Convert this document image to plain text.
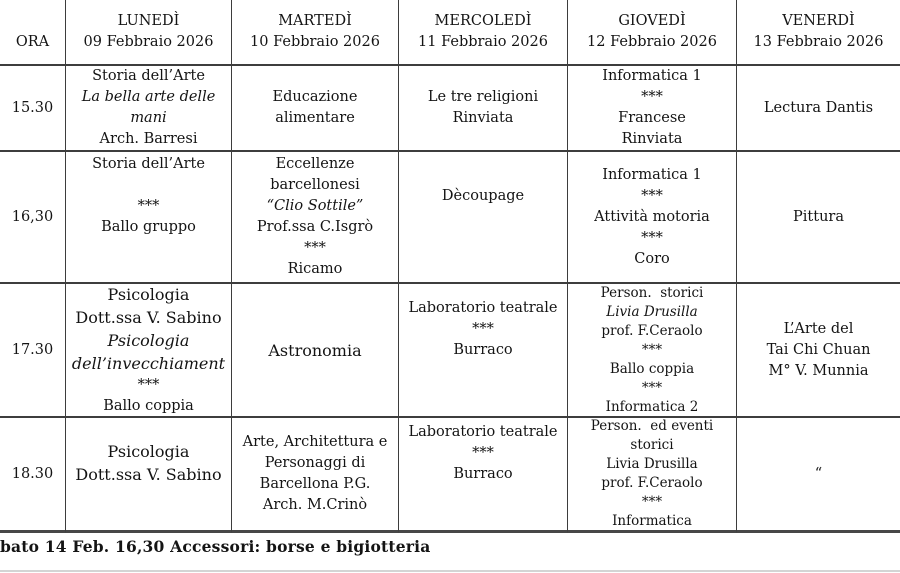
ORA
LUNEDÌ
09 Febbraio 2026
MARTEDÌ
10 Febbraio 2026
MERCOLEDÌ
11 Febbraio 2026
GIOVEDÌ
12 Febbraio 2026
VENERDÌ
13 Febbraio 2026
15.30
Storia dell’Arte
La bella arte delle
mani
Arch. Barresi
Educazione
alimentare
Le tre religioni
Rinviata
Informatica 1
***
Francese
Rinviata
Lectura Dantis
16,30
Storia dell’Arte

***
Ballo gruppo

Eccellenze
barcellonesi
“Clio Sottile”
Prof.ssa C.Isgrò
***
Ricamo
Dècoupage

Informatica 1
***
Attività motoria
***
Coro
Pittura
17.30
Psicologia
Dott.ssa V. Sabino
Psicologia
dell’invecchiament
***
Ballo coppia
Astronomia
Laboratorio teatrale
***
Burraco

Person.  storici
Livia Drusilla
prof. F.Ceraolo
***
Ballo coppia
***
Informatica 2
L’Arte del
Tai Chi Chuan
M° V. Munnia
18.30
Psicologia
Dott.ssa V. Sabino

Arte, Architettura e
Personaggi di
Barcellona P.G.
Arch. M.Crinò
Laboratorio teatrale
***
Burraco

Person.  ed eventi
storici
Livia Drusilla
prof. F.Ceraolo
***
Informatica
“
bato 14 Feb. 16,30 Accessori: borse e bigiotteria
